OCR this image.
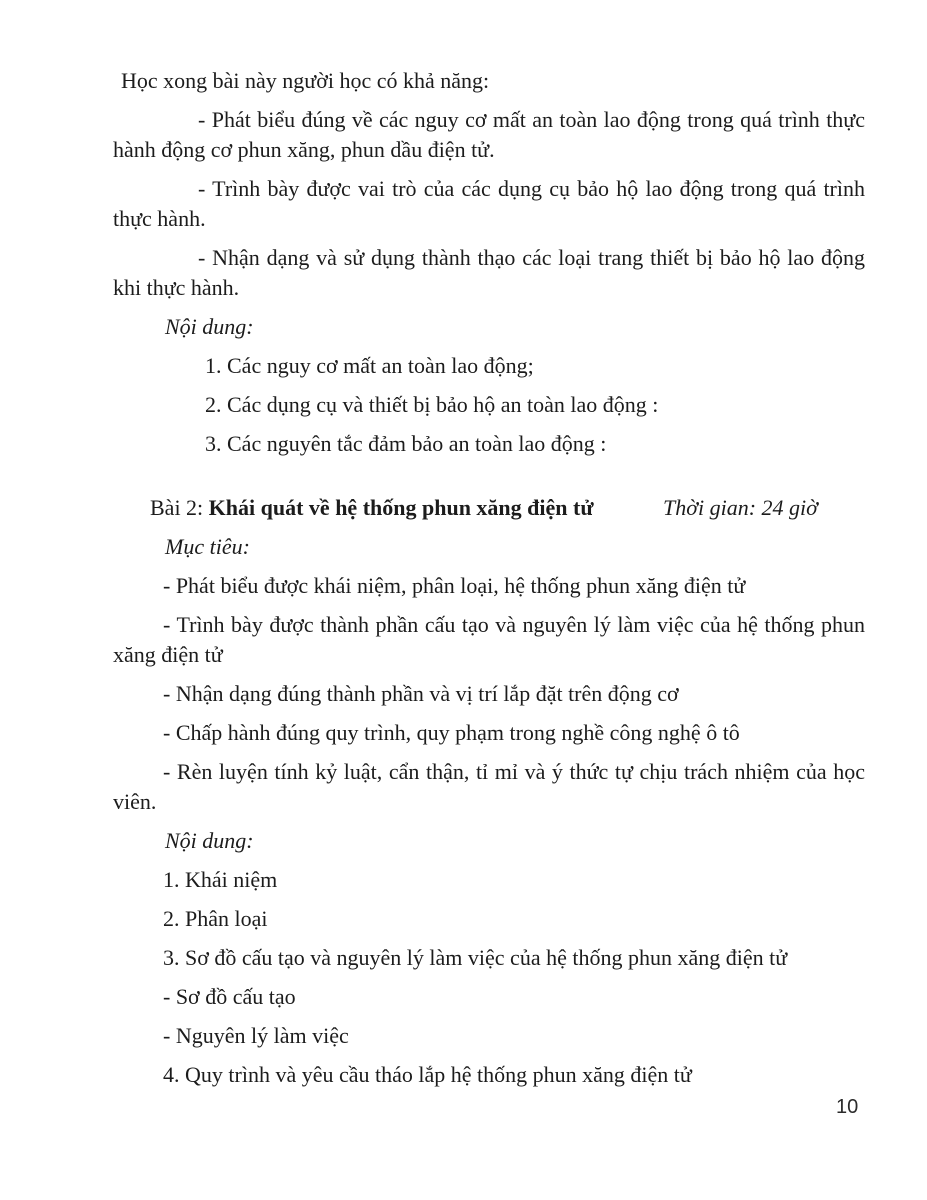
Học xong bài này người học có khả năng:

- Phát biểu đúng về các nguy cơ mất an toàn lao động trong quá trình thực hành động cơ phun xăng, phun dầu điện tử.

- Trình bày được vai trò của các dụng cụ bảo hộ lao động trong quá trình thực hành.

- Nhận dạng và sử dụng thành thạo các loại trang thiết bị bảo hộ lao động khi thực hành.

Nội dung:

1. Các nguy cơ mất an toàn lao động;

2. Các dụng cụ và thiết bị bảo hộ an toàn lao động :

3. Các nguyên tắc đảm bảo an toàn lao động :

Bài 2: Khái quát về hệ thống phun xăng điện tử	Thời gian: 24 giờ

Mục tiêu:

- Phát biểu được khái niệm, phân loại, hệ thống phun xăng điện tử

- Trình bày được thành phần cấu tạo và nguyên lý làm việc của hệ thống phun xăng điện tử

- Nhận dạng đúng thành phần và vị trí lắp đặt trên động cơ

- Chấp hành đúng quy trình, quy phạm trong nghề công nghệ ô tô

- Rèn luyện tính kỷ luật, cẩn thận, tỉ mỉ và ý thức tự chịu trách nhiệm của học viên.

Nội dung:

1. Khái niệm

2. Phân loại

3. Sơ đồ cấu tạo và nguyên lý làm việc của hệ thống phun xăng điện tử

- Sơ đồ cấu tạo

- Nguyên lý làm việc

4. Quy trình và yêu cầu tháo lắp hệ thống phun xăng điện tử

10
